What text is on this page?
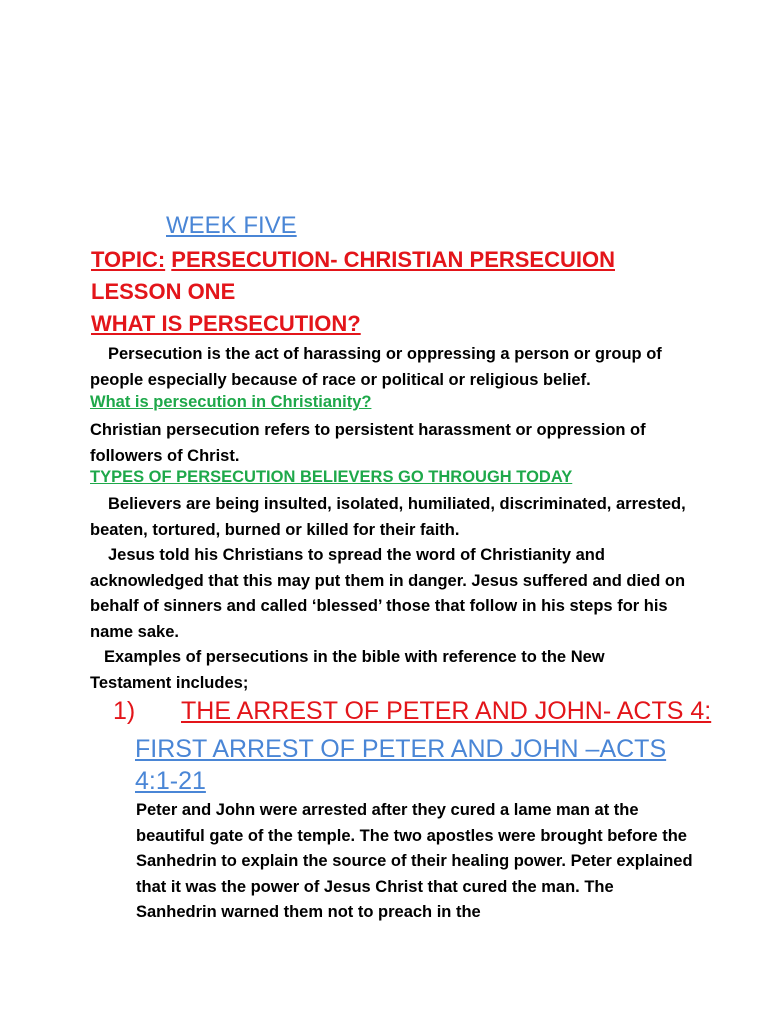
WEEK FIVE
TOPIC: PERSECUTION- CHRISTIAN PERSECUION
LESSON ONE
WHAT IS PERSECUTION?
Persecution is the act of harassing or oppressing a person or group of people especially because of race or political or religious belief.
What is persecution in Christianity?
Christian persecution refers to persistent harassment or oppression of followers of Christ.
TYPES OF PERSECUTION BELIEVERS GO THROUGH TODAY
Believers are being insulted, isolated, humiliated, discriminated, arrested, beaten, tortured, burned or killed for their faith.
Jesus told his Christians to spread the word of Christianity and acknowledged that this may put them in danger. Jesus suffered and died on behalf of sinners and called ‘blessed’ those that follow in his steps for his name sake.
Examples of persecutions in the bible with reference to the New Testament includes;
1) THE ARREST OF PETER AND JOHN- ACTS 4:
FIRST ARREST OF PETER AND JOHN –ACTS 4:1-21
Peter and John were arrested after they cured a lame man at the beautiful gate of the temple. The two apostles were brought before the Sanhedrin to explain the source of their healing power. Peter explained that it was the power of Jesus Christ that cured the man. The Sanhedrin warned them not to preach in the
